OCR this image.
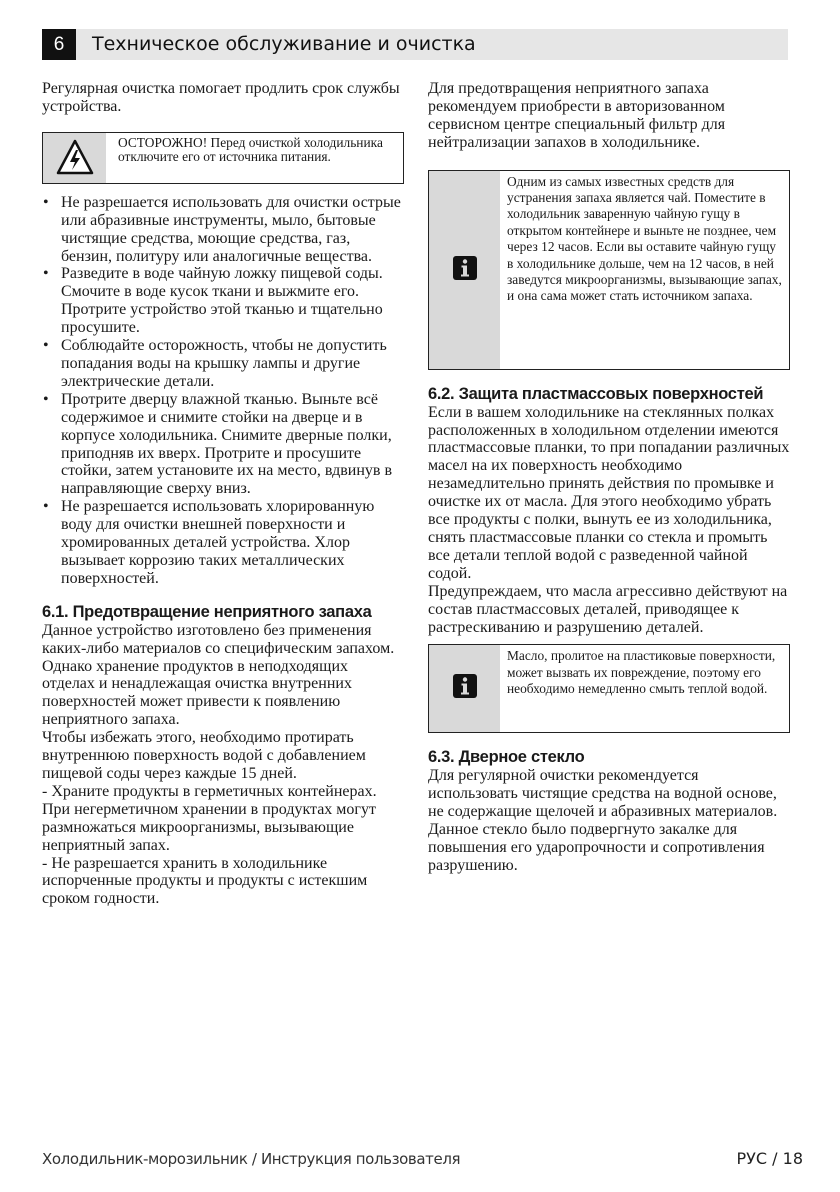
6	Техническое обслуживание и очистка

Регулярная очистка помогает продлить срок службы устройства.

ОСТОРОЖНО! Перед очисткой холодильника отключите его от источника питания.
• Не разрешается использовать для очистки острые или абразивные инструменты, мыло, бытовые чистящие средства, моющие средства, газ, бензин, политуру или аналогичные вещества.
• Разведите в воде чайную ложку пищевой соды. Смочите в воде кусок ткани и выжмите его. Протрите устройство этой тканью и тщательно просушите.
• Соблюдайте осторожность, чтобы не допустить попадания воды на крышку лампы и другие электрические детали.
• Протрите дверцу влажной тканью. Выньте всё содержимое и снимите стойки на дверце и в корпусе холодильника. Снимите дверные полки, приподняв их вверх. Протрите и просушите стойки, затем установите их на место, вдвинув в направляющие сверху вниз.
• Не разрешается использовать хлорированную воду для очистки внешней поверхности и хромированных деталей устройства. Хлор вызывает коррозию таких металлических поверхностей.
6.1. Предотвращение неприятного запаха

Данное устройство изготовлено без применения каких-либо материалов со специфическим запахом. Однако хранение продуктов в неподходящих отделах и ненадлежащая очистка внутренних поверхностей может привести к появлению неприятного запаха.

Чтобы избежать этого, необходимо протирать внутреннюю поверхность водой с добавлением пищевой соды через каждые 15 дней.

- Храните продукты в герметичных контейнерах. При негерметичном хранении в продуктах могут размножаться микроорганизмы, вызывающие неприятный запах.

- Не разрешается хранить в холодильнике испорченные продукты и продукты с истекшим сроком годности.

Для предотвращения неприятного запаха рекомендуем приобрести в авторизованном сервисном центре специальный фильтр для нейтрализации запахов в холодильнике.

Одним из самых известных средств для устранения запаха является чай. Поместите в холодильник заваренную чайную гущу в открытом контейнере и выньте не позднее, чем через 12 часов. Если вы оставите чайную гущу в холодильнике дольше, чем на 12 часов, в ней заведутся микроорганизмы, вызывающие запах, и она сама может стать источником запаха.
6.2. Защита пластмассовых поверхностей

Если в вашем холодильнике на стеклянных полках расположенных в холодильном отделении имеются пластмассовые планки, то при попадании различных масел на их поверхность необходимо незамедлительно принять действия по промывке и очистке их от масла. Для этого необходимо убрать все продукты с полки, вынуть ее из холодильника, снять пластмассовые планки со стекла и промыть все детали теплой водой с разведенной чайной содой.

Предупреждаем, что масла агрессивно действуют на состав пластмассовых деталей, приводящее к растрескиванию и разрушению деталей.

Масло, пролитое на пластиковые поверхности, может вызвать их повреждение, поэтому его необходимо немедленно смыть теплой водой.
6.3. Дверное стекло

Для регулярной очистки рекомендуется использовать чистящие средства на водной основе, не содержащие щелочей и абразивных материалов.

Данное стекло было подвергнуто закалке для повышения его ударопрочности и сопротивления разрушению.

Холодильник-морозильник / Инструкция пользователя	РУС / 18
